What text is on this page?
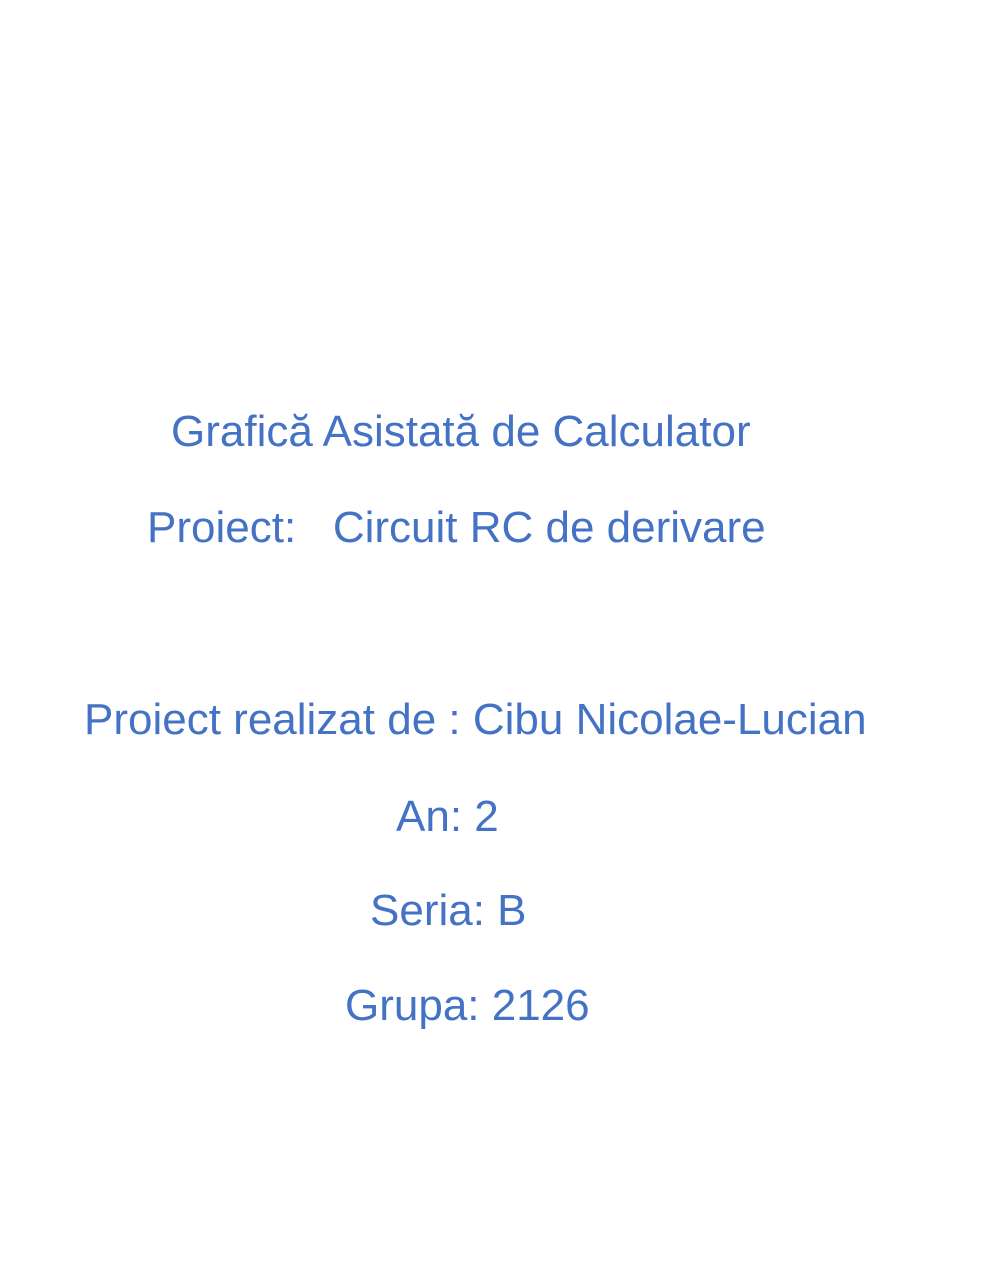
Grafică Asistată de Calculator
Proiect:   Circuit RC de derivare
Proiect realizat de : Cibu Nicolae-Lucian
An: 2
Seria: B
Grupa: 2126
